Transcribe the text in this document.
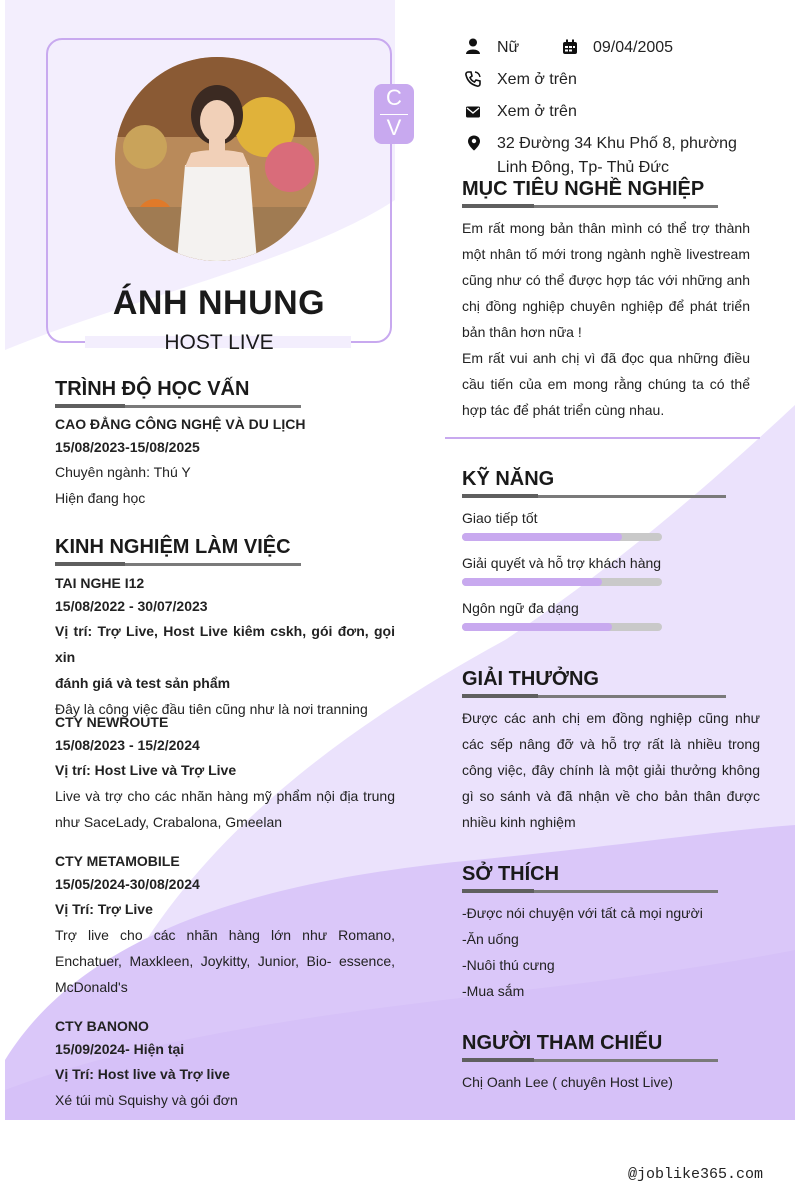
C
V
ÁNH NHUNG
HOST LIVE
Nữ	09/04/2005
Xem ở trên
Xem ở trên
32 Đường 34 Khu Phố 8, phường
Linh Đông, Tp- Thủ Đức
MỤC TIÊU NGHỀ NGHIỆP
Em rất mong bản thân mình có thể trợ thành
một nhân tố mới trong ngành nghề livestream
cũng như có thể được hợp tác với những anh
chị đồng nghiệp chuyên nghiệp để phát triển
bản thân hơn nữa !
Em rất vui anh chị vì đã đọc qua những điều
cầu tiến của em mong rằng chúng ta có thể
hợp tác để phát triển cùng nhau.
KỸ NĂNG
Giao tiếp tốt
Giải quyết và hỗ trợ khách hàng
Ngôn ngữ đa dạng
GIẢI THƯỞNG
Được các anh chị em đồng nghiệp cũng như
các sếp nâng đỡ và hỗ trợ rất là nhiều trong
công việc, đây chính là một giải thưởng không
gì so sánh và đã nhận về cho bản thân được
nhiều kinh nghiệm
SỞ THÍCH
-Được nói chuyện với tất cả mọi người
-Ăn uống
-Nuôi thú cưng
-Mua sắm
NGƯỜI THAM CHIẾU
Chị Oanh Lee ( chuyên Host Live)
TRÌNH ĐỘ HỌC VẤN
CAO ĐẲNG CÔNG NGHỆ VÀ DU LỊCH
15/08/2023-15/08/2025
Chuyên ngành: Thú Y
Hiện đang học
KINH NGHIỆM LÀM VIỆC
TAI NGHE I12
15/08/2022 - 30/07/2023
Vị trí: Trợ Live, Host Live kiêm cskh, gói đơn, gọi xin
đánh giá và test sản phẩm
Đây là công việc đầu tiên cũng như là nơi tranning
CTY NEWROUTE
15/08/2023 - 15/2/2024
Vị trí: Host Live và Trợ Live
Live và trợ cho các nhãn hàng mỹ phẩm nội địa trung
như SaceLady, Crabalona, Gmeelan
CTY METAMOBILE
15/05/2024-30/08/2024
Vị Trí: Trợ Live
Trợ live cho các nhãn hàng lớn như Romano,
Enchatuer, Maxkleen, Joykitty, Junior, Bio- essence,
McDonald's
CTY BANONO
15/09/2024- Hiện tại
Vị Trí: Host live và Trợ live
Xé túi mù Squishy và gói đơn
@joblike365.com
